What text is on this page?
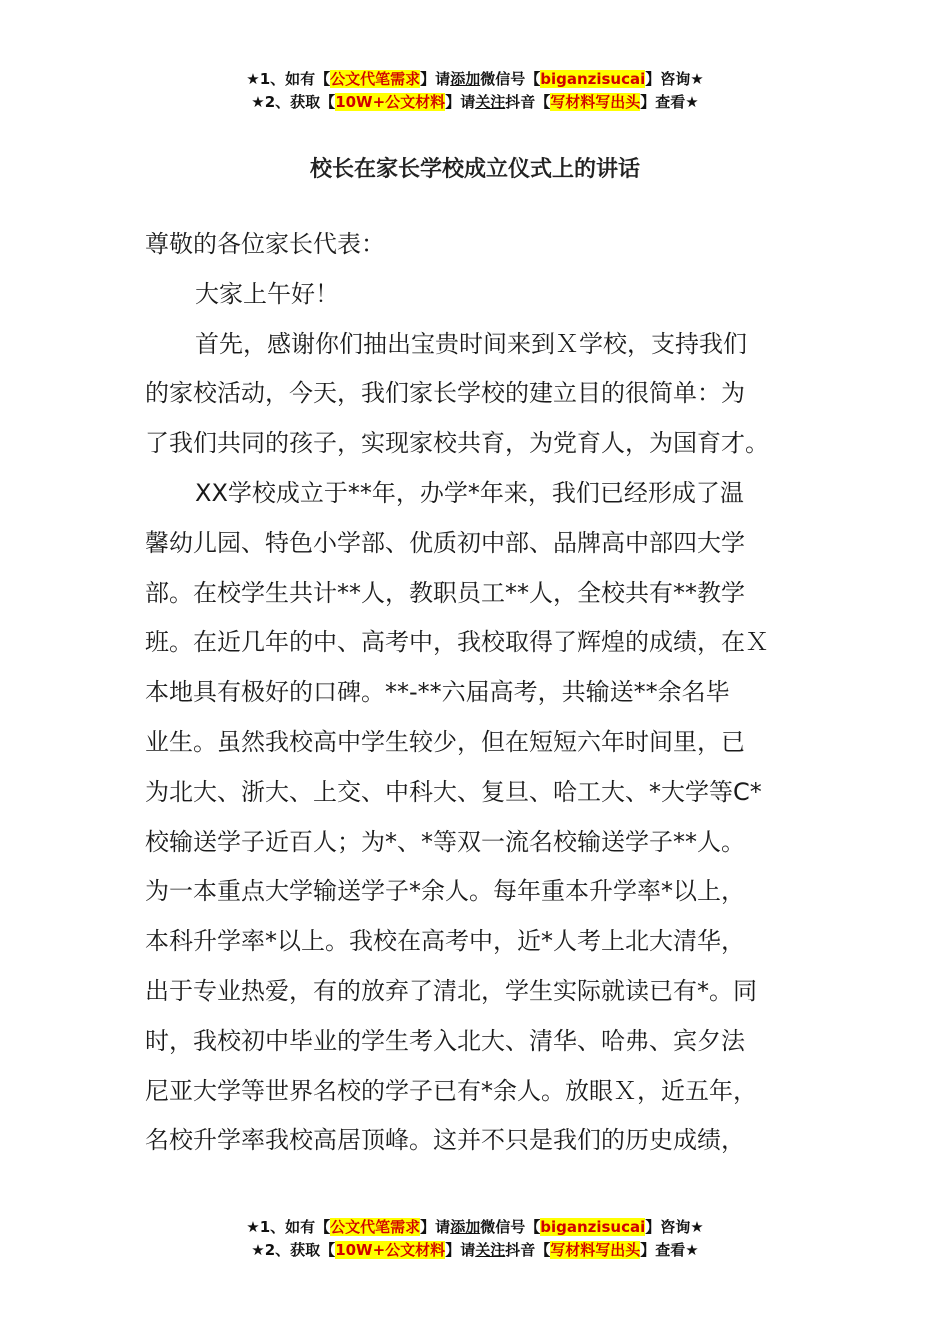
★1、如有【公文代笔需求】请添加微信号【biganzisucai】咨询★
★2、获取【10W+公文材料】请关注抖音【写材料写出头】查看★
校长在家长学校成立仪式上的讲话

尊敬的各位家长代表：

大家上午好！

首先，感谢你们抽出宝贵时间来到Ｘ学校，支持我们

的家校活动，今天，我们家长学校的建立目的很简单：为

了我们共同的孩子，实现家校共育，为党育人，为国育才。

XX学校成立于**年，办学*年来，我们已经形成了温

馨幼儿园、特色小学部、优质初中部、品牌高中部四大学

部。在校学生共计**人，教职员工**人，全校共有**教学

班。在近几年的中、高考中，我校取得了辉煌的成绩，在Ｘ

本地具有极好的口碑。**-**六届高考，共输送**余名毕

业生。虽然我校高中学生较少，但在短短六年时间里，已

为北大、浙大、上交、中科大、复旦、哈工大、*大学等C*

校输送学子近百人；为*、*等双一流名校输送学子**人。

为一本重点大学输送学子*余人。每年重本升学率*以上，

本科升学率*以上。我校在高考中，近*人考上北大清华，

出于专业热爱，有的放弃了清北，学生实际就读已有*。同

时，我校初中毕业的学生考入北大、清华、哈弗、宾夕法

尼亚大学等世界名校的学子已有*余人。放眼Ｘ，近五年，

名校升学率我校高居顶峰。这并不只是我们的历史成绩，

★1、如有【公文代笔需求】请添加微信号【biganzisucai】咨询★
★2、获取【10W+公文材料】请关注抖音【写材料写出头】查看★
